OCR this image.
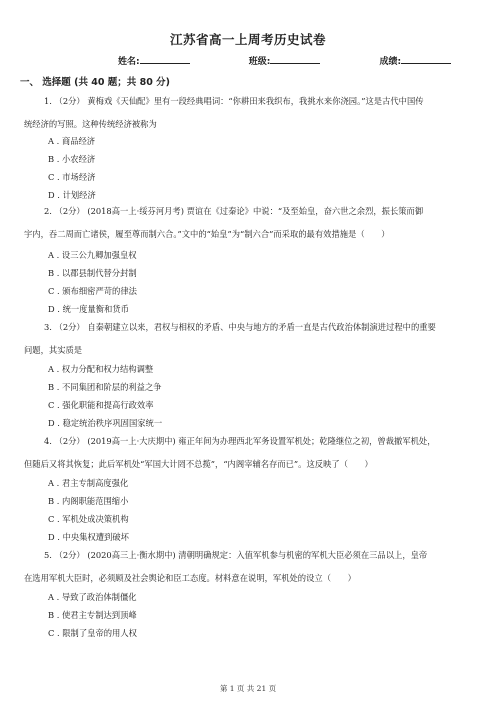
江苏省高一上周考历史试卷
姓名:	班级:	成绩:
一、 选择题 (共 40 题；共 80 分)
1. （2分） 黄梅戏《天仙配》里有一段经典唱词：“你耕田来我织布，我挑水来你浇园。”这是古代中国传
统经济的写照。这种传统经济被称为
A . 商品经济
B . 小农经济
C . 市场经济
D . 计划经济
2. （2分） (2018高一上·绥芬河月考) 贾谊在《过秦论》中说：“及至始皇，奋六世之余烈，振长策而御
宇内，吞二周而亡诸侯，履至尊而制六合。”文中的“始皇”为“制六合”而采取的最有效措施是（　　）
A . 设三公九卿加强皇权
B . 以郡县制代替分封制
C . 颁布细密严苛的律法
D . 统一度量衡和货币
3. （2分） 自秦朝建立以来，君权与相权的矛盾、中央与地方的矛盾一直是古代政治体制演进过程中的重要
问题，其实质是
A . 权力分配和权力结构调整
B . 不同集团和阶层的利益之争
C . 强化职能和提高行政效率
D . 稳定统治秩序巩固国家统一
4. （2分） (2019高一上·大庆期中) 雍正年间为办理西北军务设置军机处；乾隆继位之初，曾裁撤军机处，
但随后又将其恢复；此后军机处“军国大计罔不总揽”，“内阁宰辅名存而已”。这反映了（　　）
A . 君主专制高度强化
B . 内阁职能范围缩小
C . 军机处成决策机构
D . 中央集权遭到破坏
5. （2分） (2020高三上·衡水期中) 清朝明确规定：入值军机参与机密的军机大臣必须在三品以上，皇帝
在选用军机大臣时，必须顾及社会舆论和臣工态度。材料意在说明，军机处的设立（　　）
A . 导致了政治体制僵化
B . 使君主专制达到顶峰
C . 限制了皇帝的用人权
第 1 页 共 21 页
